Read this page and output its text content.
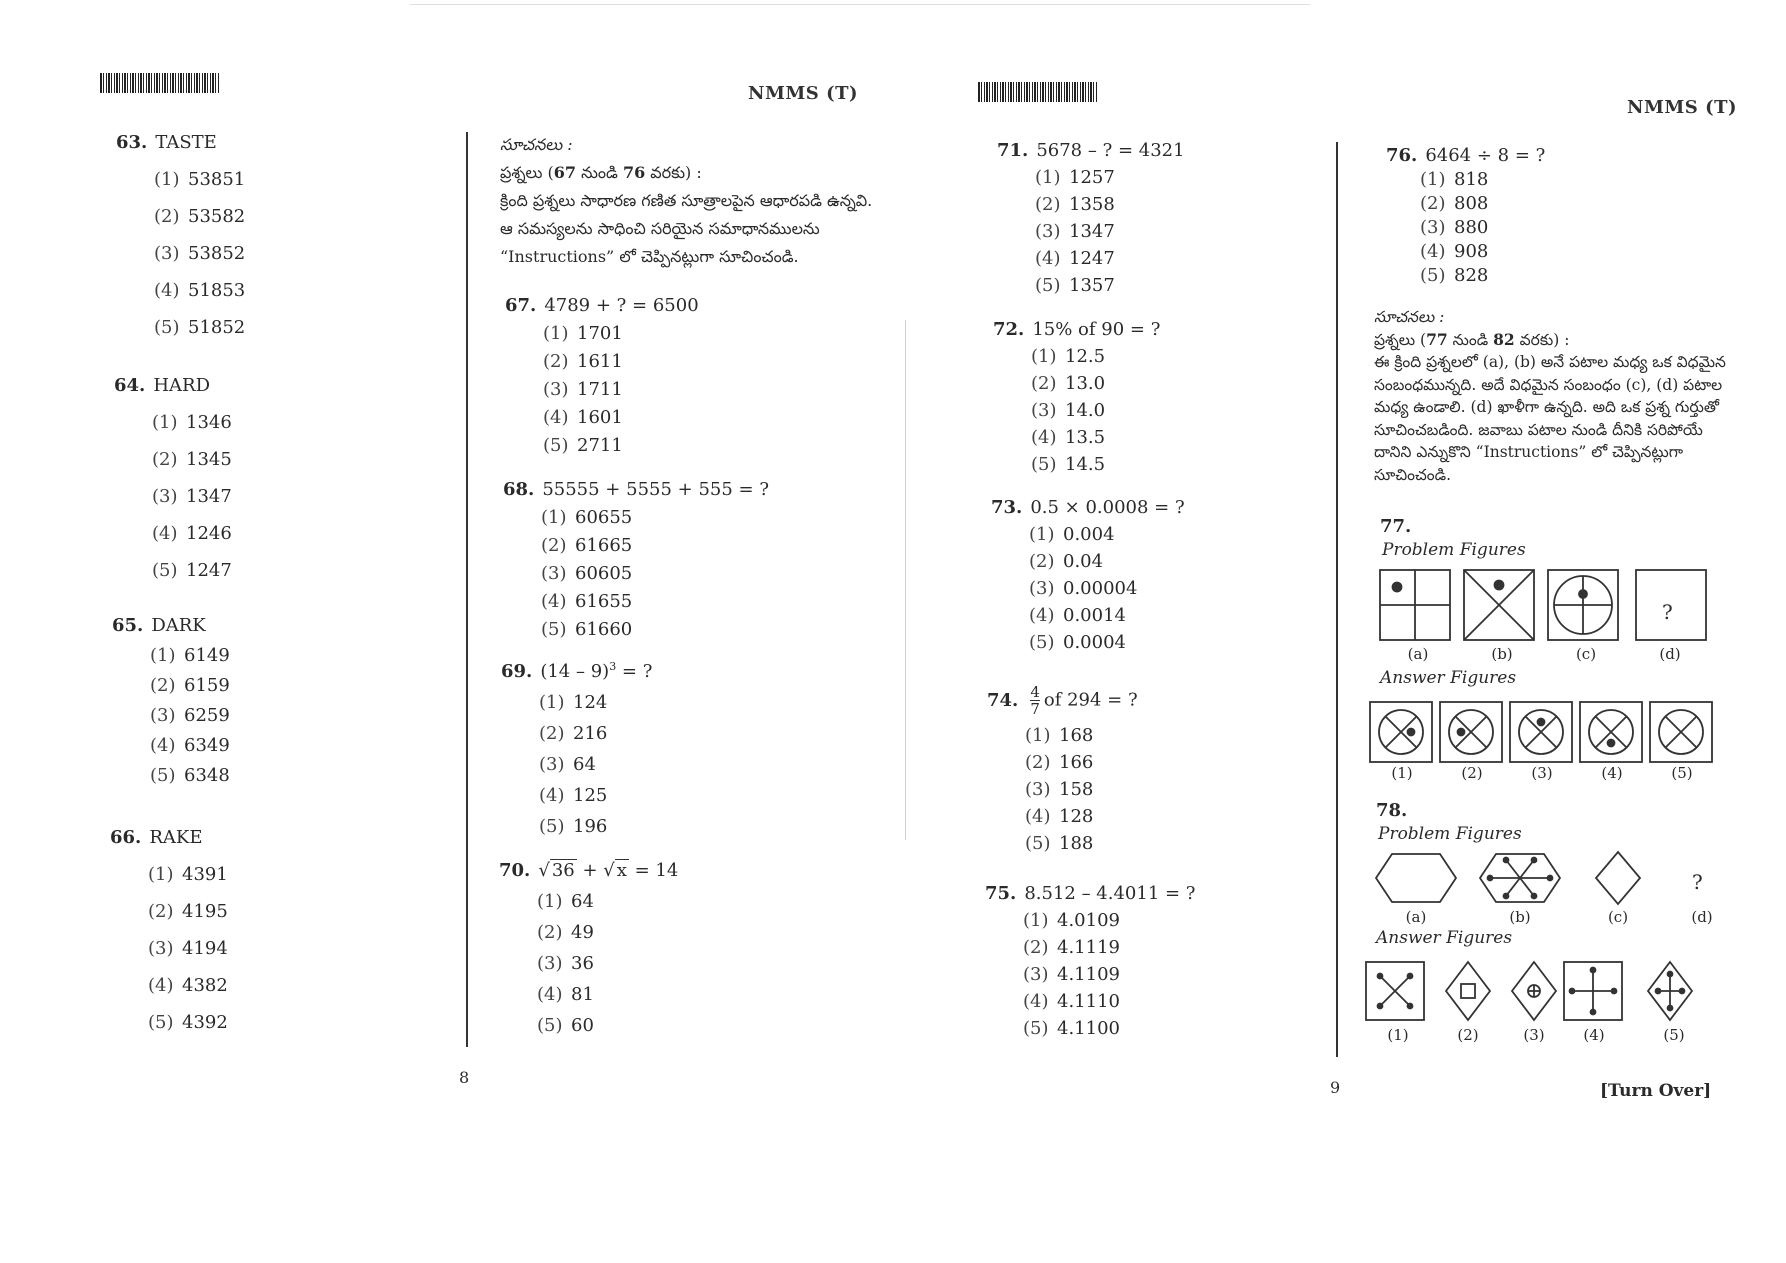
NMMS (T)
63. TASTE
(1) 53851
(2) 53582
(3) 53852
(4) 51853
(5) 51852
64. HARD
(1) 1346
(2) 1345
(3) 1347
(4) 1246
(5) 1247
65. DARK
(1) 6149
(2) 6159
(3) 6259
(4) 6349
(5) 6348
66. RAKE
(1) 4391
(2) 4195
(3) 4194
(4) 4382
(5) 4392
సూచనలు :
ప్రశ్నలు (67 నుండి 76 వరకు) :
క్రింది ప్రశ్నలు సాధారణ గణిత సూత్రాలపైన ఆధారపడి ఉన్నవి.
ఆ సమస్యలను సాధించి సరియైన సమాధానములను
“Instructions” లో చెప్పినట్లుగా సూచించండి.
67. 4789 + ? = 6500
(1) 1701
(2) 1611
(3) 1711
(4) 1601
(5) 2711
68. 55555 + 5555 + 555 = ?
(1) 60655
(2) 61665
(3) 60605
(4) 61655
(5) 61660
69. (14 – 9)$^3$ = ?
(1) 124
(2) 216
(3) 64
(4) 125
(5) 196
70. √ 36 + √ x = 14
(1) 64
(2) 49
(3) 36
(4) 81
(5) 60
8
NMMS (T)
71. 5678 – ? = 4321
(1) 1257
(2) 1358
(3) 1347
(4) 1247
(5) 1357
72. 15% of 90 = ?
(1) 12.5
(2) 13.0
(3) 14.0
(4) 13.5
(5) 14.5
73. 0.5 × 0.0008 = ?
(1) 0.004
(2) 0.04
(3) 0.00004
(4) 0.0014
(5) 0.0004
74. $\frac{4}{7}$ of 294 = ?
(1) 168
(2) 166
(3) 158
(4) 128
(5) 188
75. 8.512 – 4.4011 = ?
(1) 4.0109
(2) 4.1119
(3) 4.1109
(4) 4.1110
(5) 4.1100
76. 6464 ÷ 8 = ?
(1) 818
(2) 808
(3) 880
(4) 908
(5) 828
సూచనలు :
ప్రశ్నలు (77 నుండి 82 వరకు) :
ఈ క్రింది ప్రశ్నలలో (a), (b) అనే పటాల మధ్య ఒక విధమైన
సంబంధమున్నది. అదే విధమైన సంబంధం (c), (d) పటాల
మధ్య ఉండాలి. (d) ఖాళీగా ఉన్నది. అది ఒక ప్రశ్న గుర్తుతో
సూచించబడింది. జవాబు పటాల నుండి దీనికి సరిపోయే
దానిని ఎన్నుకొని “Instructions” లో చెప్పినట్లుగా
సూచించండి.
77.
Problem Figures
?
(a)	(b)	(c)	(d)
Answer Figures
(1)	(2)	(3)	(4)	(5)
78.
Problem Figures
?
(a)	(b)	(c)	(d)
Answer Figures
(1)	(2)	(3)	(4)	(5)
9	[Turn Over]
